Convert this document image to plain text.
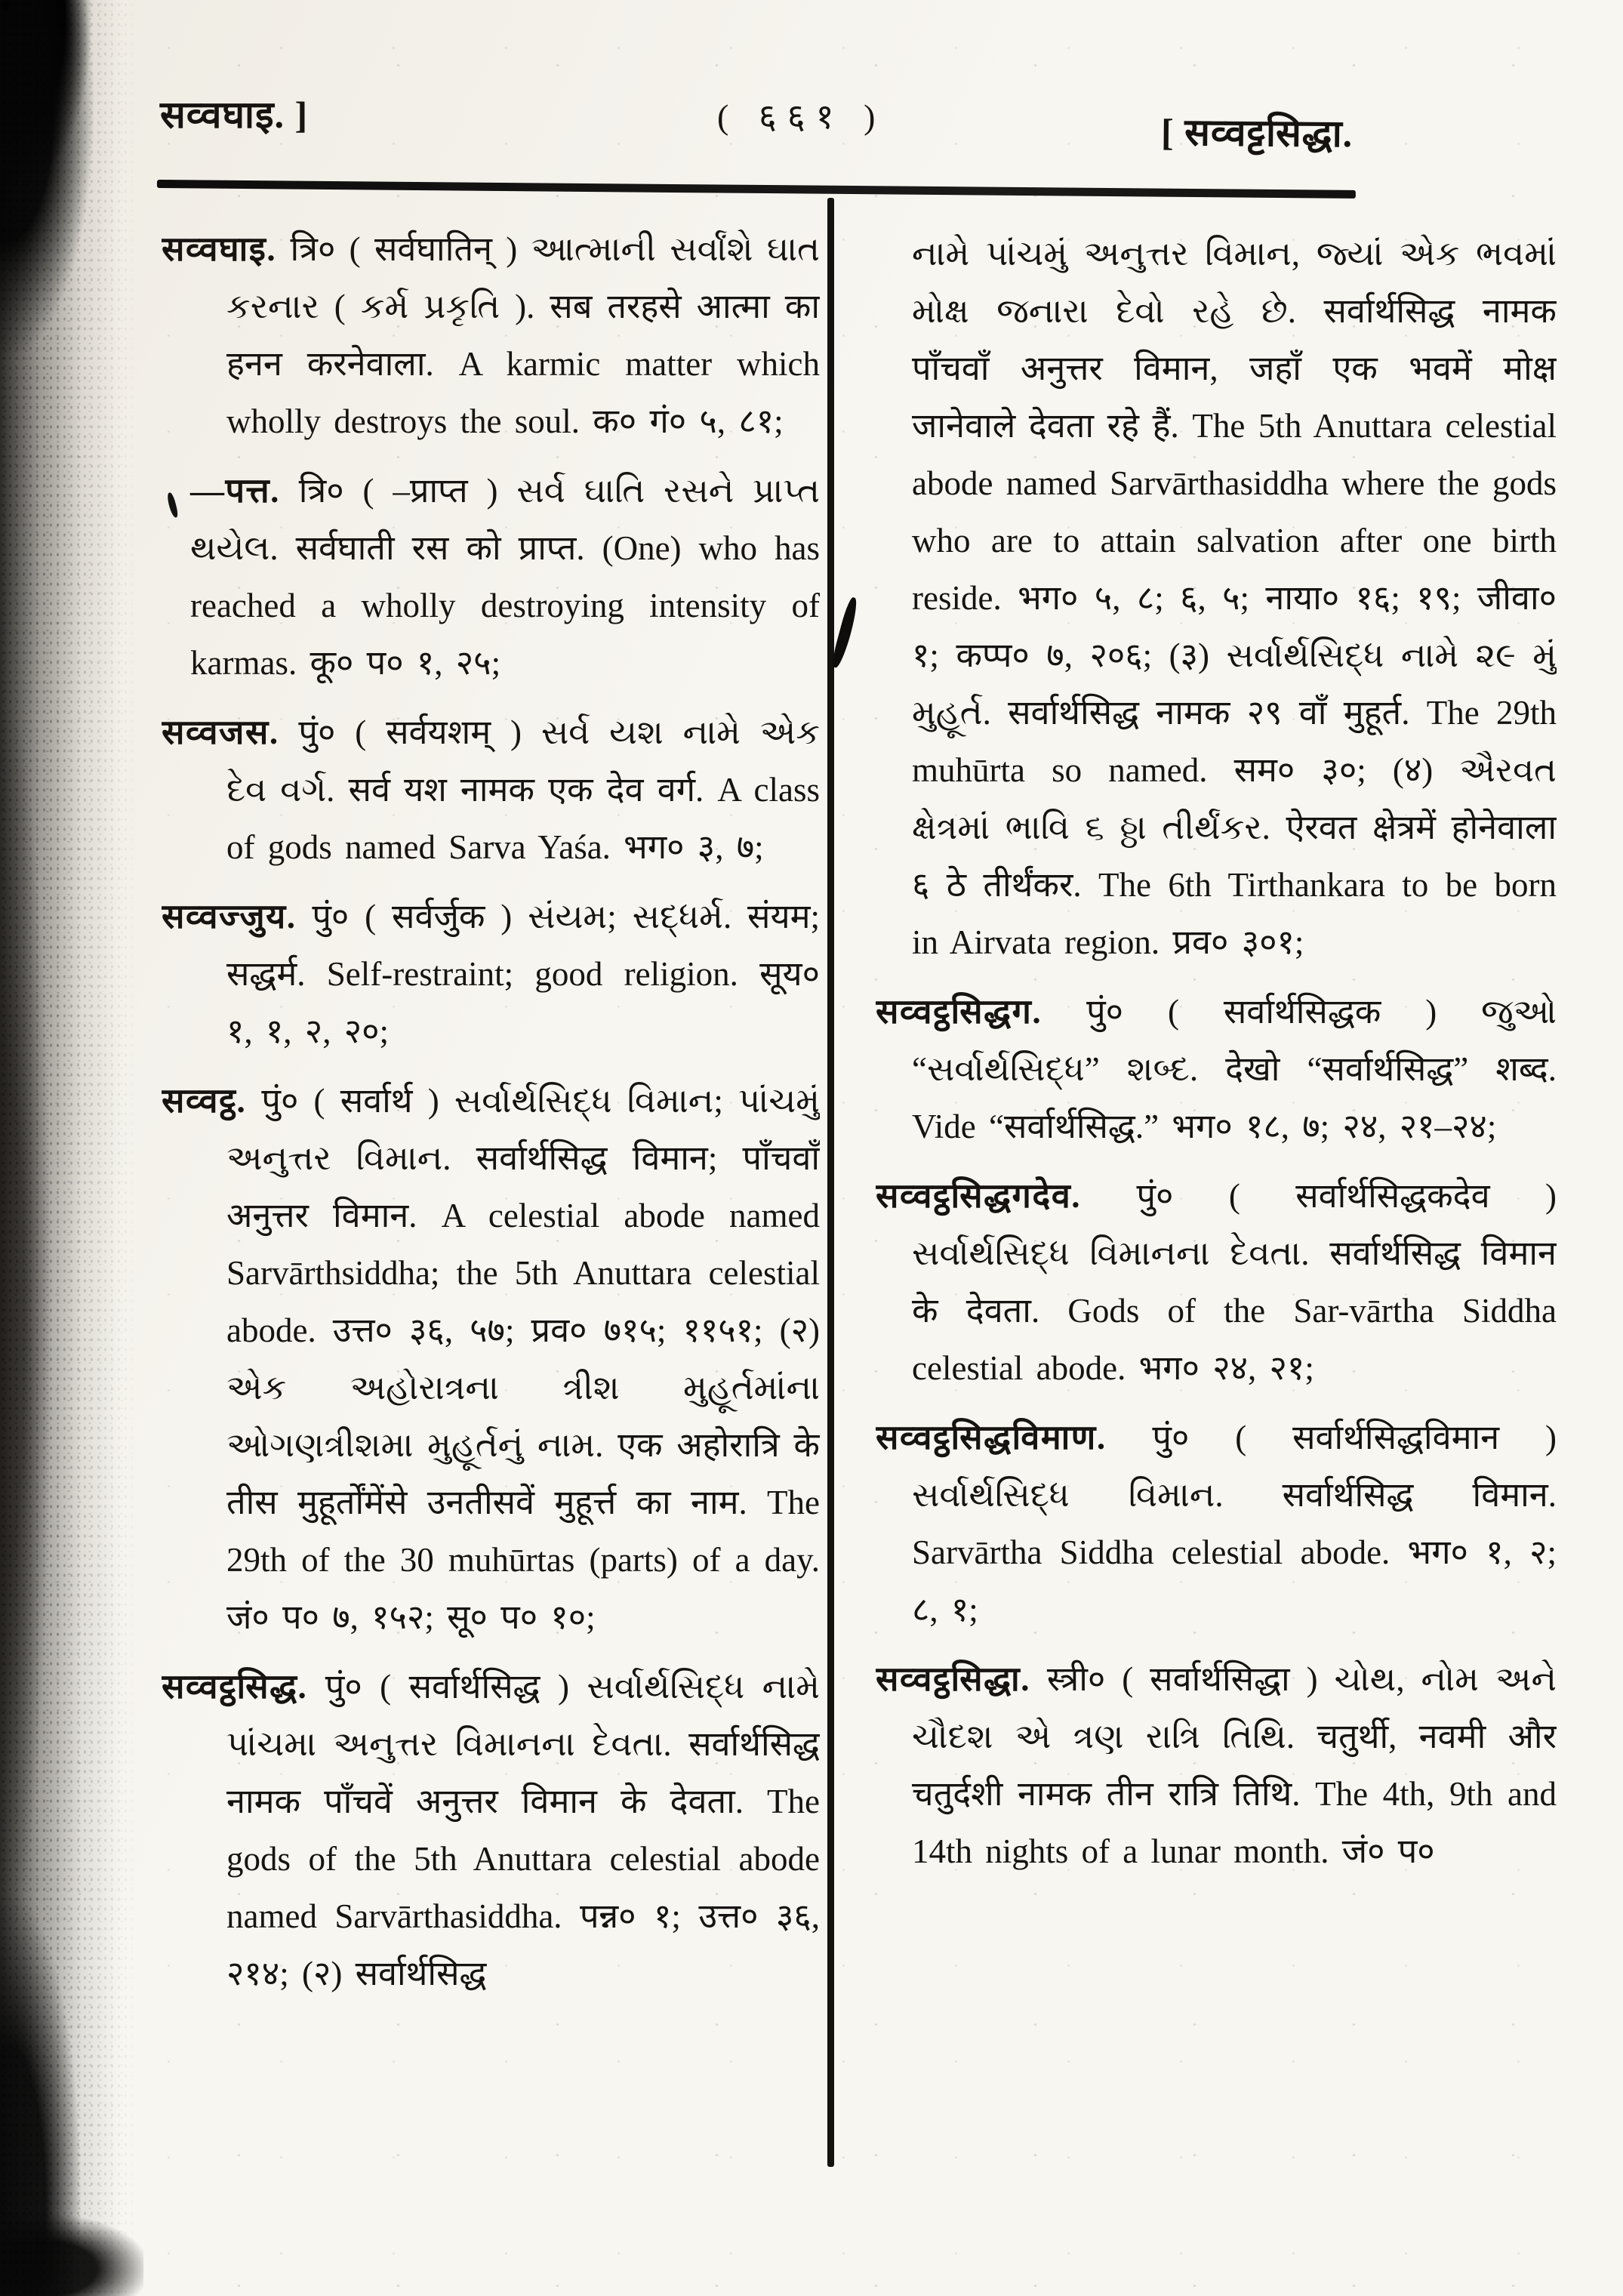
सव्वघाइ. ]	( ६६१ )	[ सव्वट्टसिद्धा.

सव्वघाइ. त्रि० ( सर्वघातिन् ) આત્માની સર્વાંશે ઘાત કરનાર ( કર્મ પ્રકૃતિ ). सब तरहसे आत्मा का हनन करनेवाला. A karmic matter which wholly destroys the soul. क० गं० ५, ८१;

—पत्त. त्रि० ( –प्राप्त ) સર્વ ઘાતિ રસને પ્રાપ્ત થયેલ. सर्वघाती रस को प्राप्त. (One) who has reached a wholly destroying intensity of karmas. कू० प० १, २५;

सव्वजस. पुं० ( सर्वयशम् ) સર્વ યશ નામે એક દેવ વર્ગ. सर्व यश नामक एक देव वर्ग. A class of gods named Sarva Yaśa. भग० ३, ७;

सव्वज्जुय. पुं० ( सर्वर्जुक ) સંયમ; સદ્ધર્મ. संयम; सद्धर्म. Self-restraint; good religion. सूय० १, १, २, २०;

सव्वट्ठ. पुं० ( सर्वार्थ ) સર્વાર્થસિદ્ધ વિમાન; પાંચમું અનુત્તર વિમાન. सर्वार्थसिद्ध विमान; पाँचवाँ अनुत्तर विमान. A celestial abode named Sarvārthsiddha; the 5th Anuttara celestial abode. उत्त० ३६, ५७; प्रव० ७१५; ११५१; (२) એક અહોરાત્રના ત્રીશ મુહૂર્તમાંના ઓગણત્રીશમા મુહૂર્તનું નામ. एक अहोरात्रि के तीस मुहूर्तोंमेंसे उनतीसवें मुहूर्त्त का नाम. The 29th of the 30 muhūrtas (parts) of a day. जं० प० ७, १५२; सू० प० १०;

सव्वट्ठसिद्ध. पुं० ( सर्वार्थसिद्ध ) સર્વાર્થસિદ્ધ નામે પાંચમા અનુત્તર વિમાનના દેવતા. सर्वार्थसिद्ध नामक पाँचवें अनुत्तर विमान के देवता. The gods of the 5th Anuttara celestial abode named Sarvārthasiddha. पन्न० १; उत्त० ३६, २१४; (२) सर्वार्थसिद्ध

નામે પાંચમું અનુત્તર વિમાન, જ્યાં એક ભવમાં મોક્ષ જનારા દેવો રહે છે. सर्वार्थसिद्ध नामक पाँचवाँ अनुत्तर विमान, जहाँ एक भवमें मोक्ष जानेवाले देवता रहे हैं. The 5th Anuttara celestial abode named Sarvārthasiddha where the gods who are to attain salvation after one birth reside. भग० ५, ८; ६, ५; नाया० १६; १९; जीवा० १; कप्प० ७, २०६; (३) સર્વાર્થસિદ્ધ નામે ૨૯ મું મુહૂર્ત. सर्वार्थसिद्ध नामक २९ वाँ मुहूर्त. The 29th muhūrta so named. सम० ३०; (४) ઐરવત ક્ષેત્રમાં ભાવિ ૬ ઠ્ઠા તીર્થંકર. ऐरवत क्षेत्रमें होनेवाला ६ ठे तीर्थंकर. The 6th Tirthankara to be born in Airvata region. प्रव० ३०१;

सव्वट्ठसिद्धग. पुं० ( सर्वार्थसिद्धक ) જુઓ “સર્વાર્થસિદ્ધ” શબ્દ. देखो “सर्वार्थसिद्ध” शब्द. Vide “सर्वार्थसिद्ध.” भग० १८, ७; २४, २१–२४;

सव्वट्ठसिद्धगदेव. पुं० ( सर्वार्थसिद्धकदेव ) સર્વાર્થસિદ્ધ વિમાનના દેવતા. सर्वार्थसिद्ध विमान के देवता. Gods of the Sar-vārtha Siddha celestial abode. भग० २४, २१;

सव्वट्ठसिद्धविमाण. पुं० ( सर्वार्थसिद्धविमान ) સર્વાર્થસિદ્ધ વિમાન. सर्वार्थसिद्ध विमान. Sarvārtha Siddha celestial abode. भग० १, २; ८, १;

सव्वट्ठसिद्धा. स्त्री० ( सर्वार्थसिद्धा ) ચોથ, નોમ અને ચૌદશ એ ત્રણ રાત્રિ તિથિ. चतुर्थी, नवमी और चतुर्दशी नामक तीन रात्रि तिथि. The 4th, 9th and 14th nights of a lunar month. जं० प०
